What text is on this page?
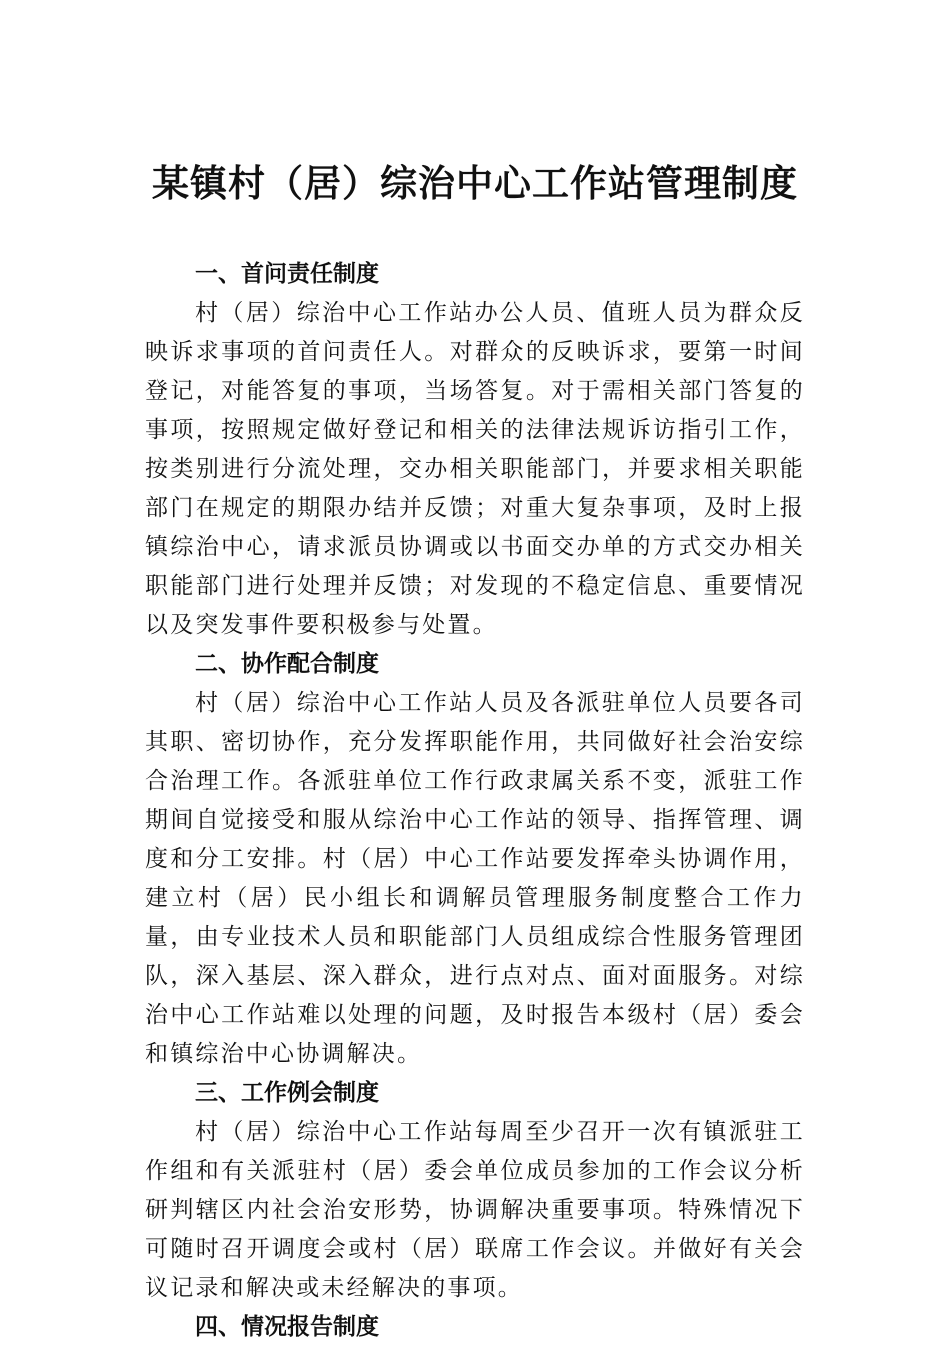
某镇村（居）综治中心工作站管理制度
一、首问责任制度

村（居）综治中心工作站办公人员、值班人员为群众反映诉求事项的首问责任人。对群众的反映诉求，要第一时间登记，对能答复的事项，当场答复。对于需相关部门答复的事项，按照规定做好登记和相关的法律法规诉访指引工作，按类别进行分流处理，交办相关职能部门，并要求相关职能部门在规定的期限办结并反馈；对重大复杂事项，及时上报镇综治中心，请求派员协调或以书面交办单的方式交办相关职能部门进行处理并反馈；对发现的不稳定信息、重要情况以及突发事件要积极参与处置。

二、协作配合制度

村（居）综治中心工作站人员及各派驻单位人员要各司其职、密切协作，充分发挥职能作用，共同做好社会治安综合治理工作。各派驻单位工作行政隶属关系不变，派驻工作期间自觉接受和服从综治中心工作站的领导、指挥管理、调度和分工安排。村（居）中心工作站要发挥牵头协调作用，建立村（居）民小组长和调解员管理服务制度整合工作力量，由专业技术人员和职能部门人员组成综合性服务管理团队，深入基层、深入群众，进行点对点、面对面服务。对综治中心工作站难以处理的问题，及时报告本级村（居）委会和镇综治中心协调解决。

三、工作例会制度

村（居）综治中心工作站每周至少召开一次有镇派驻工作组和有关派驻村（居）委会单位成员参加的工作会议分析研判辖区内社会治安形势，协调解决重要事项。特殊情况下可随时召开调度会或村（居）联席工作会议。并做好有关会议记录和解决或未经解决的事项。

四、情况报告制度
